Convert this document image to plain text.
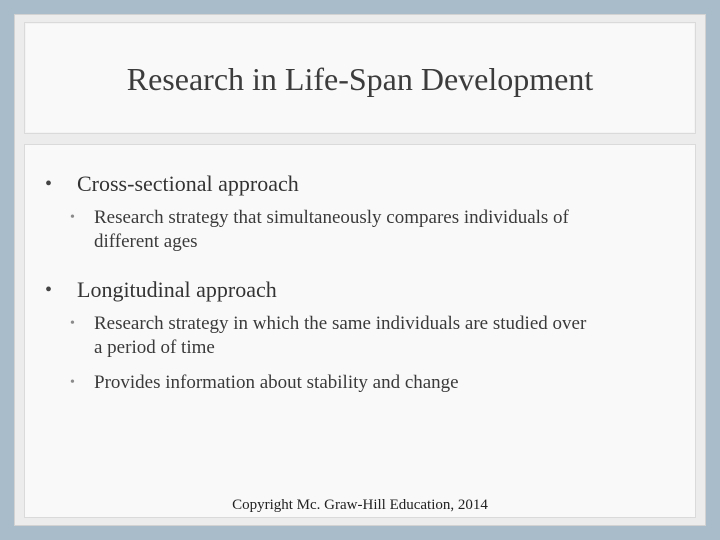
Research in Life-Span Development
• Cross-sectional approach
• Research strategy that simultaneously compares individuals of
different ages
• Longitudinal approach
• Research strategy in which the same individuals are studied over
a period of time
• Provides information about stability and change
Copyright Mc. Graw-Hill Education, 2014
